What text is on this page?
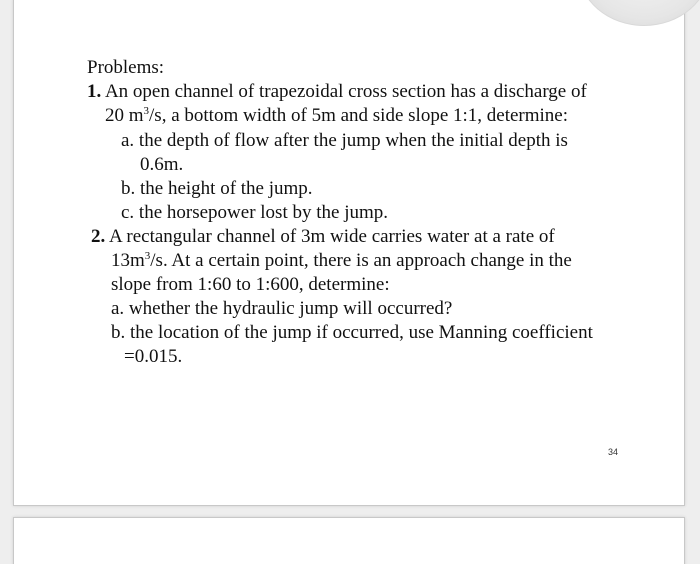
Problems:
1. An open channel of trapezoidal cross section has a discharge of
20 $m^3/s$, a bottom width of 5m and side slope 1:1, determine:
a. the depth of flow after the jump when the initial depth is
0.6m.
b. the height of the jump.
c. the horsepower lost by the jump.
2. A rectangular channel of 3m wide carries water at a rate of
$13m^3/s$. At a certain point, there is an approach change in the
slope from 1:60 to 1:600, determine:
a. whether the hydraulic jump will occurred?
b. the location of the jump if occurred, use Manning coefficient
=0.015.
34
